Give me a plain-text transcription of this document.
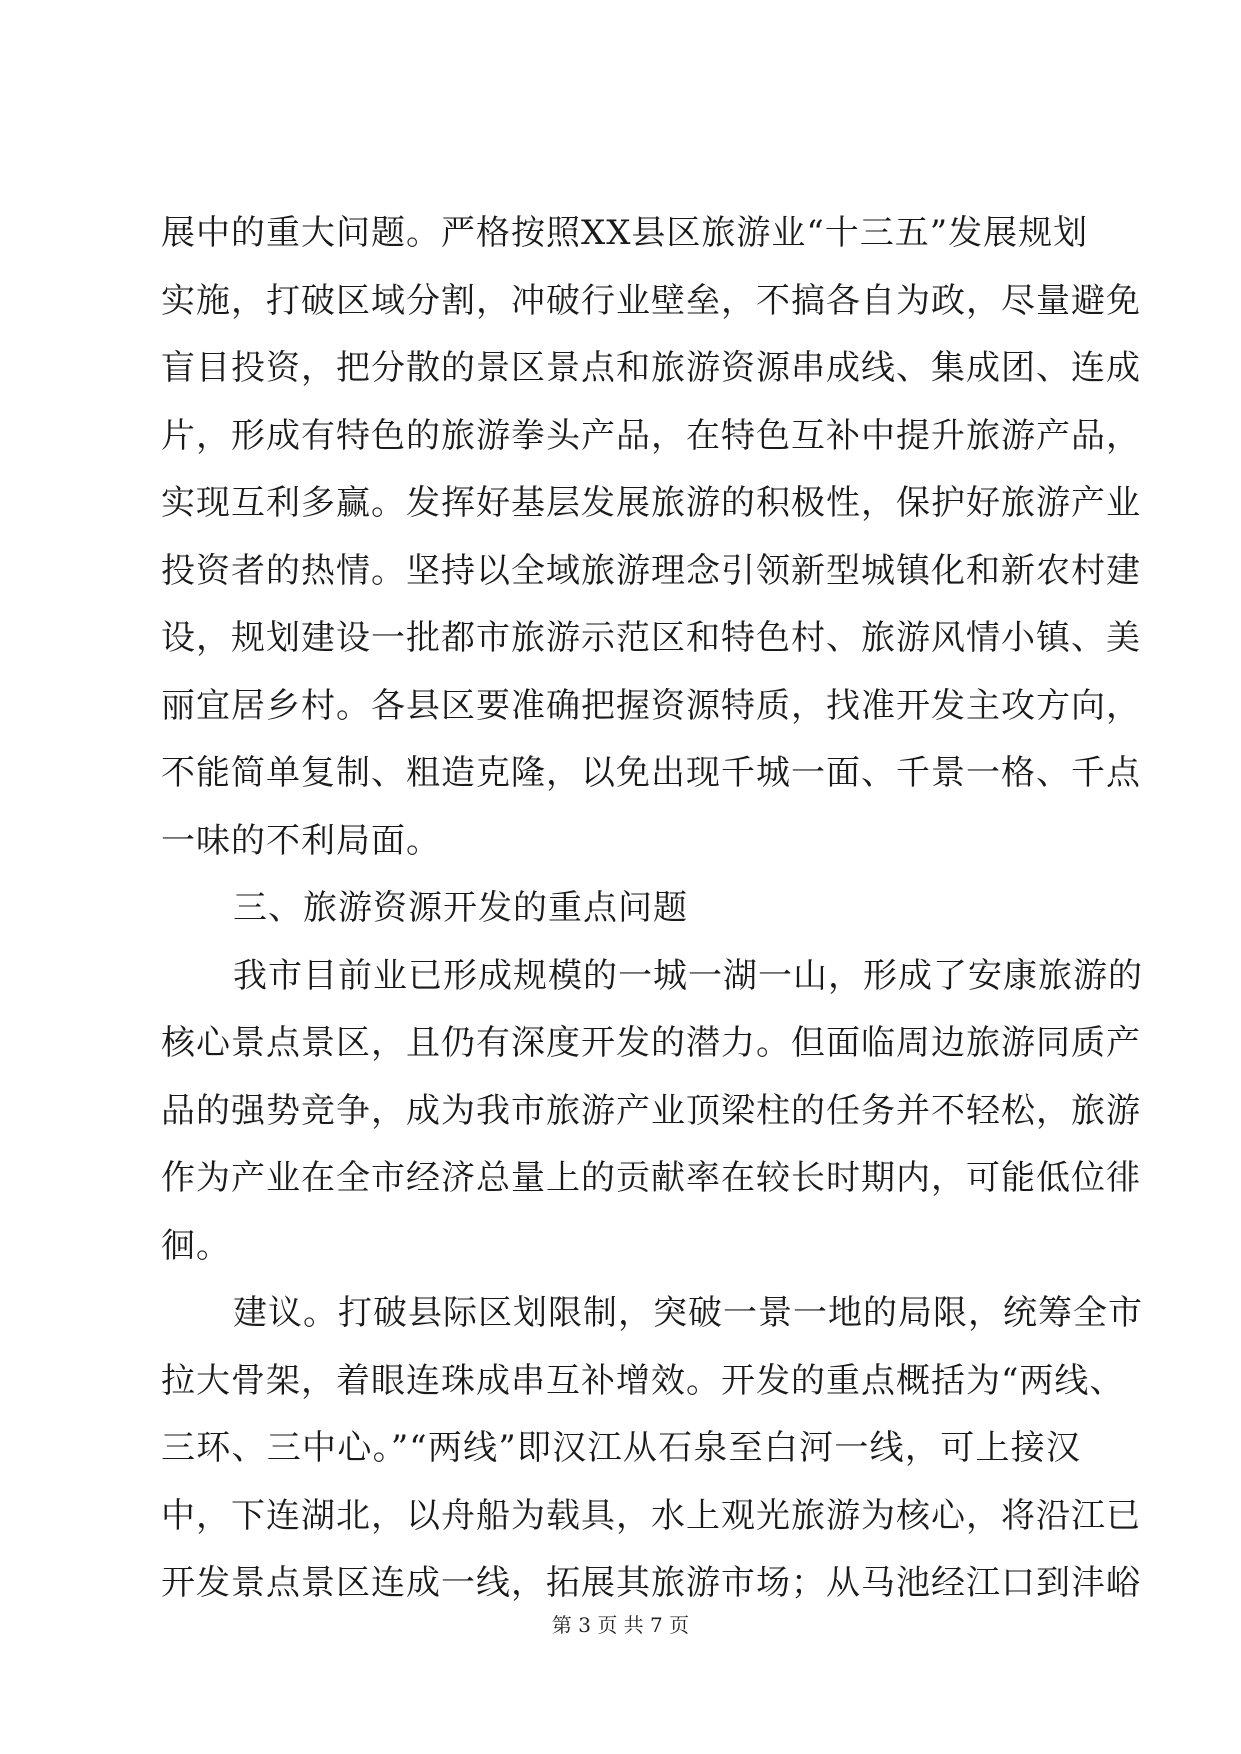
展中的重大问题。严格按照XX县区旅游业“十三五”发展规划
实施，打破区域分割，冲破行业壁垒，不搞各自为政，尽量避免
盲目投资，把分散的景区景点和旅游资源串成线、集成团、连成
片，形成有特色的旅游拳头产品，在特色互补中提升旅游产品，
实现互利多赢。发挥好基层发展旅游的积极性，保护好旅游产业
投资者的热情。坚持以全域旅游理念引领新型城镇化和新农村建
设，规划建设一批都市旅游示范区和特色村、旅游风情小镇、美
丽宜居乡村。各县区要准确把握资源特质，找准开发主攻方向，
不能简单复制、粗造克隆，以免出现千城一面、千景一格、千点
一味的不利局面。
三、旅游资源开发的重点问题
我市目前业已形成规模的一城一湖一山，形成了安康旅游的
核心景点景区，且仍有深度开发的潜力。但面临周边旅游同质产
品的强势竞争，成为我市旅游产业顶梁柱的任务并不轻松，旅游
作为产业在全市经济总量上的贡献率在较长时期内，可能低位徘
徊。
建议。打破县际区划限制，突破一景一地的局限，统筹全市
拉大骨架，着眼连珠成串互补增效。开发的重点概括为“两线、
三环、三中心。”“两线”即汉江从石泉至白河一线，可上接汉
中，下连湖北，以舟船为载具，水上观光旅游为核心，将沿江已
开发景点景区连成一线，拓展其旅游市场；从马池经江口到沣峪
第 3 页 共 7 页
